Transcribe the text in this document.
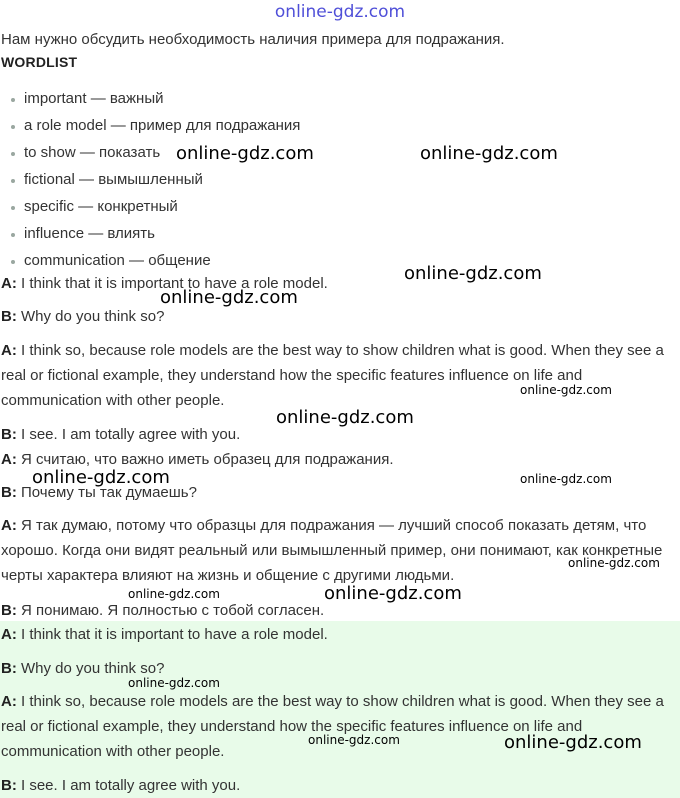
online-gdz.com
Нам нужно обсудить необходимость наличия примера для подражания.
WORDLIST
important — важный
a role model — пример для подражания
to show — показать
fictional — вымышленный
specific — конкретный
influence — влиять
communication — общение
A: I think that it is important to have a role model.
B: Why do you think so?
A: I think so, because role models are the best way to show children what is good. When they see a real or fictional example, they understand how the specific features influence on life and communication with other people.
B: I see. I am totally agree with you.
A: Я считаю, что важно иметь образец для подражания.
B: Почему ты так думаешь?
A: Я так думаю, потому что образцы для подражания — лучший способ показать детям, что хорошо. Когда они видят реальный или вымышленный пример, они понимают, как конкретные черты характера влияют на жизнь и общение с другими людьми.
B: Я понимаю. Я полностью с тобой согласен.
A: I think that it is important to have a role model.
B: Why do you think so?
A: I think so, because role models are the best way to show children what is good. When they see a real or fictional example, they understand how the specific features influence on life and communication with other people.
B: I see. I am totally agree with you.
online-gdz.com	online-gdz.com
online-gdz.com
online-gdz.com
online-gdz.com
online-gdz.com
online-gdz.com	online-gdz.com
online-gdz.com
online-gdz.com	online-gdz.com
online-gdz.com
online-gdz.com	online-gdz.com
